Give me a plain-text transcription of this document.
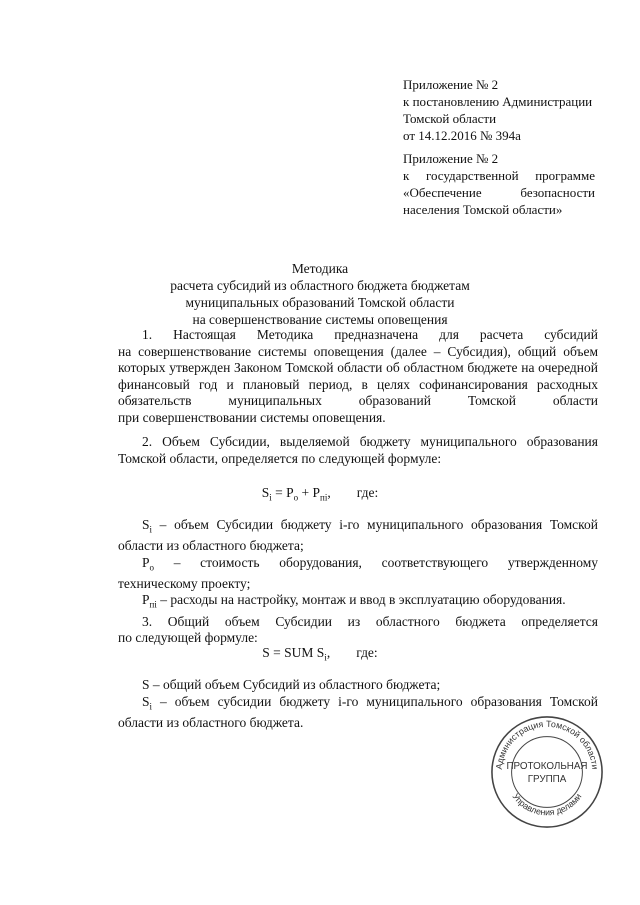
Приложение № 2
к постановлению Администрации
Томской области
от 14.12.2016 № 394а
Приложение № 2
к государственной программе
«Обеспечение безопасности
населения Томской области»
Методика
расчета субсидий из областного бюджета бюджетам
муниципальных образований Томской области
на совершенствование системы оповещения
1. Настоящая Методика предназначена для расчета субсидий
на совершенствование системы оповещения (далее – Субсидия), общий объем
которых утвержден Законом Томской области об областном бюджете на очередной
финансовый год и плановый период, в целях софинансирования расходных
обязательств муниципальных образований Томской области
при совершенствовании системы оповещения.
2. Объем Субсидии, выделяемой бюджету муниципального образования
Томской области, определяется по следующей формуле:
$S_i = P_o + P_{пi}$, где:
$S_i$ – объем Субсидии бюджету i-го муниципального образования Томской
области из областного бюджета;
$P_o$ – стоимость оборудования, соответствующего утвержденному
техническому проекту;
$P_{пi}$ – расходы на настройку, монтаж и ввод в эксплуатацию оборудования.
3. Общий объем Субсидии из областного бюджета определяется
по следующей формуле:
S = SUM $S_i$, где:
S – общий объем Субсидий из областного бюджета;
$S_i$ – объем субсидии бюджету i-го муниципального образования Томской
области из областного бюджета.
Администрация Томской области
Управления делами
ПРОТОКОЛЬНАЯ
ГРУППА
